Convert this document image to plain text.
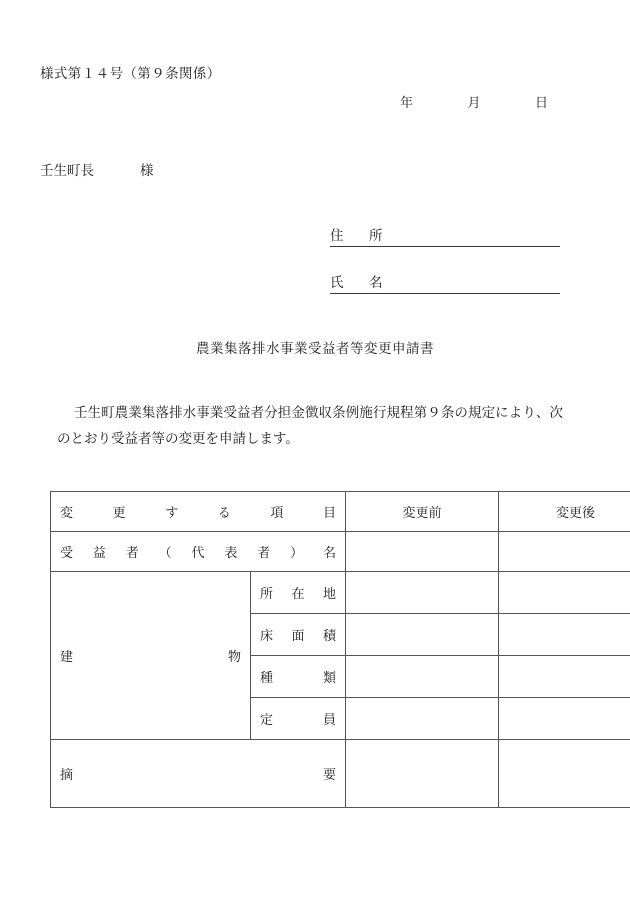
様式第１４号（第９条関係）
年	月	日
壬生町長	様
住　所
氏　名
農業集落排水事業受益者等変更申請書
壬生町農業集落排水事業受益者分担金徴収条例施行規程第９条の規定により、次のとおり受益者等の変更を申請します。
変更する項目		変更前	変更後
受益者（代表者）名			
建物	所在地		
	床面積		
	種類		
	定員		
摘要			
